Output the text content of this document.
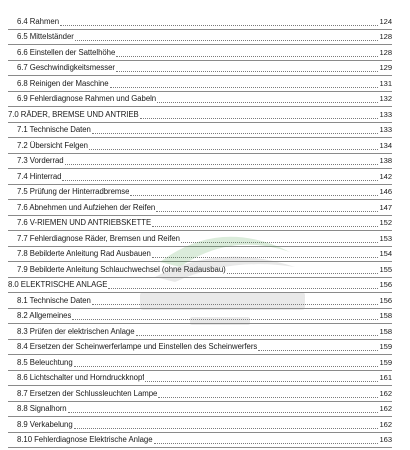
6.4 Rahmen	124
6.5 Mittelständer	128
6.6 Einstellen der Sattelhöhe	128
6.7 Geschwindigkeitsmesser	129
6.8 Reinigen der Maschine	131
6.9 Fehlerdiagnose Rahmen und Gabeln	132
7.0 RÄDER, BREMSE UND ANTRIEB	133
7.1 Technische Daten	133
7.2 Übersicht Felgen	134
7.3 Vorderrad	138
7.4 Hinterrad	142
7.5 Prüfung der Hinterradbremse	146
7.6 Abnehmen und Aufziehen der Reifen	147
7.6 V-RIEMEN UND ANTRIEBSKETTE	152
7.7 Fehlerdiagnose Räder, Bremsen und Reifen	153
7.8 Bebilderte Anleitung Rad Ausbauen	154
7.9 Bebilderte Anleitung Schlauchwechsel (ohne Radausbau)	155
8.0 ELEKTRISCHE ANLAGE	156
8.1 Technische Daten	156
8.2 Allgemeines	158
8.3 Prüfen der elektrischen Anlage	158
8.4 Ersetzen der Scheinwerferlampe und Einstellen des Scheinwerfers	159
8.5 Beleuchtung	159
8.6 Lichtschalter und Horndruckknopf	161
8.7 Ersetzen der Schlussleuchten Lampe	162
8.8 Signalhorn	162
8.9 Verkabelung	162
8.10 Fehlerdiagnose Elektrische Anlage	163
